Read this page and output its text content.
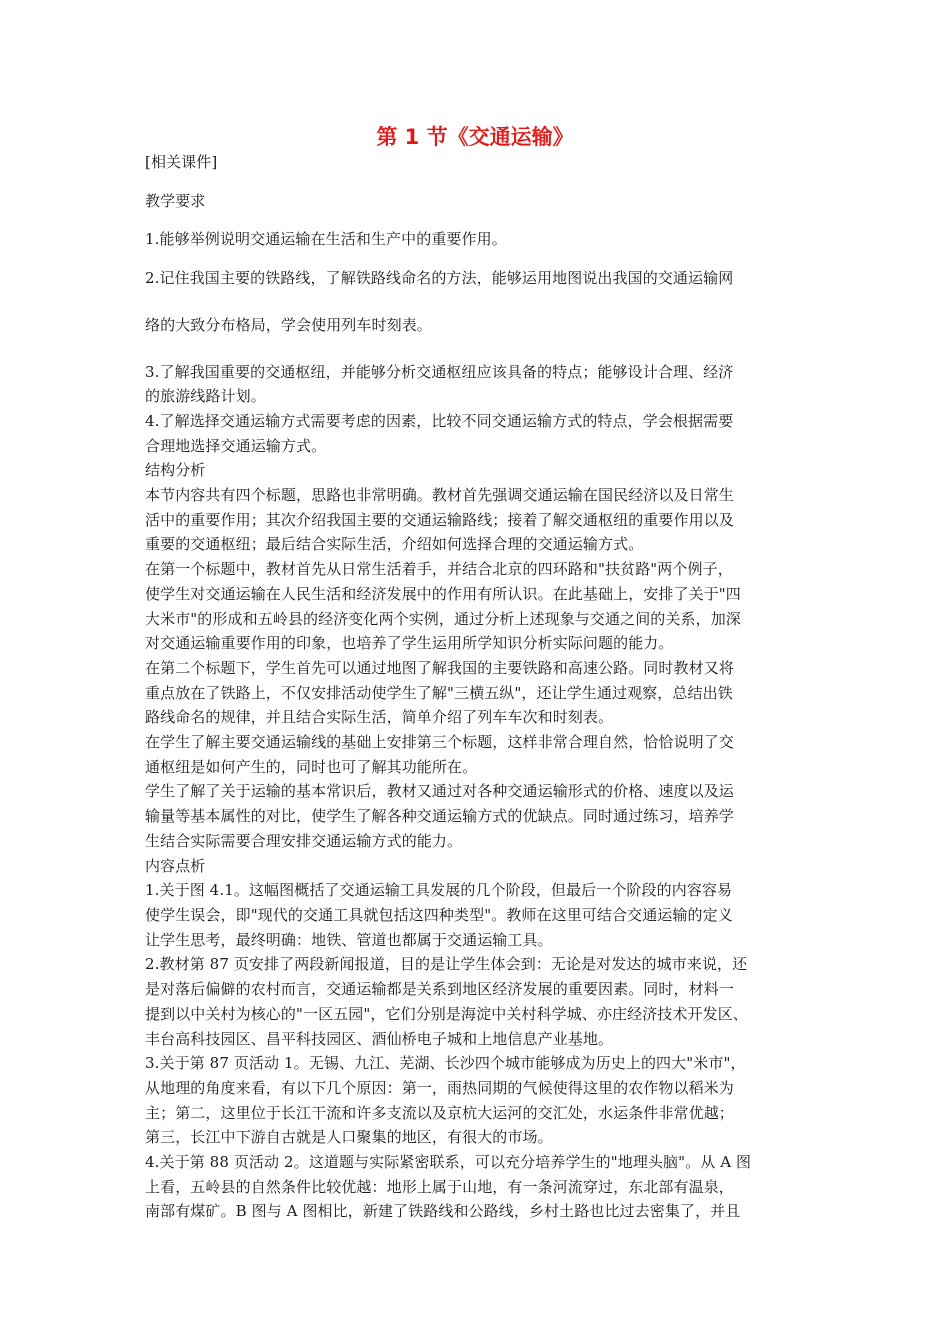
第 1 节《交通运输》

[相关课件]

教学要求

1.能够举例说明交通运输在生活和生产中的重要作用。

2.记住我国主要的铁路线，了解铁路线命名的方法，能够运用地图说出我国的交通运输网

络的大致分布格局，学会使用列车时刻表。

3.了解我国重要的交通枢纽，并能够分析交通枢纽应该具备的特点；能够设计合理、经济

的旅游线路计划。

4.了解选择交通运输方式需要考虑的因素，比较不同交通运输方式的特点，学会根据需要

合理地选择交通运输方式。

结构分析

本节内容共有四个标题，思路也非常明确。教材首先强调交通运输在国民经济以及日常生

活中的重要作用；其次介绍我国主要的交通运输路线；接着了解交通枢纽的重要作用以及

重要的交通枢纽；最后结合实际生活，介绍如何选择合理的交通运输方式。

在第一个标题中，教材首先从日常生活着手，并结合北京的四环路和"扶贫路"两个例子，

使学生对交通运输在人民生活和经济发展中的作用有所认识。在此基础上，安排了关于"四

大米市"的形成和五岭县的经济变化两个实例，通过分析上述现象与交通之间的关系，加深

对交通运输重要作用的印象，也培养了学生运用所学知识分析实际问题的能力。

在第二个标题下，学生首先可以通过地图了解我国的主要铁路和高速公路。同时教材又将

重点放在了铁路上，不仅安排活动使学生了解"三横五纵"，还让学生通过观察，总结出铁

路线命名的规律，并且结合实际生活，简单介绍了列车车次和时刻表。

在学生了解主要交通运输线的基础上安排第三个标题，这样非常合理自然，恰恰说明了交

通枢纽是如何产生的，同时也可了解其功能所在。

学生了解了关于运输的基本常识后，教材又通过对各种交通运输形式的价格、速度以及运

输量等基本属性的对比，使学生了解各种交通运输方式的优缺点。同时通过练习，培养学

生结合实际需要合理安排交通运输方式的能力。

内容点析

1.关于图 4.1。这幅图概括了交通运输工具发展的几个阶段，但最后一个阶段的内容容易

使学生误会，即"现代的交通工具就包括这四种类型"。教师在这里可结合交通运输的定义

让学生思考，最终明确：地铁、管道也都属于交通运输工具。

2.教材第 87 页安排了两段新闻报道，目的是让学生体会到：无论是对发达的城市来说，还

是对落后偏僻的农村而言，交通运输都是关系到地区经济发展的重要因素。同时，材料一

提到以中关村为核心的"一区五园"，它们分别是海淀中关村科学城、亦庄经济技术开发区、

丰台高科技园区、昌平科技园区、酒仙桥电子城和上地信息产业基地。

3.关于第 87 页活动 1。无锡、九江、芜湖、长沙四个城市能够成为历史上的四大"米市"，

从地理的角度来看，有以下几个原因：第一，雨热同期的气候使得这里的农作物以稻米为

主；第二，这里位于长江干流和许多支流以及京杭大运河的交汇处，水运条件非常优越；

第三，长江中下游自古就是人口聚集的地区，有很大的市场。

4.关于第 88 页活动 2。这道题与实际紧密联系，可以充分培养学生的"地理头脑"。从 A 图

上看，五岭县的自然条件比较优越：地形上属于山地，有一条河流穿过，东北部有温泉，

南部有煤矿。B 图与 A 图相比，新建了铁路线和公路线，乡村土路也比过去密集了，并且
